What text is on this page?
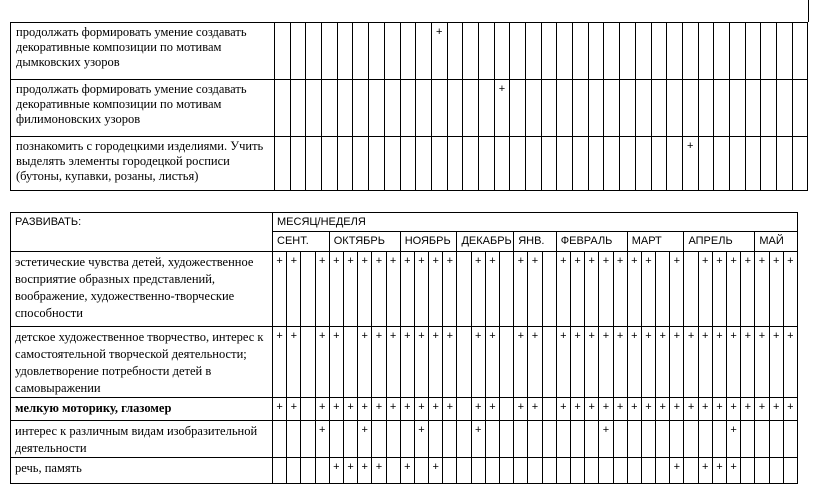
продолжать формировать умение создавать декоративные композиции по мотивам дымковских узоров											+																							
продолжать формировать умение создавать декоративные композиции по мотивам филимоновских узоров															+																			
познакомить с городецкими изделиями. Учить выделять элементы городецкой росписи (бутоны, купавки, розаны, листья)																											+							
РАЗВИВАТЬ:	МЕСЯЦ/НЕДЕЛЯ																																				
	СЕНТ.				ОКТЯБРЬ					НОЯБРЬ				ДЕКАБРЬ				ЯНВ.			ФЕВРАЛЬ					МАРТ				АПРЕЛЬ					МАЙ		
эстетические чувства детей, художественное восприятие образных представлений, воображение, художественно-творческие способности	+	+		+	+	+	+	+	+	+	+	+	+		+	+		+	+		+	+	+	+	+	+	+		+		+	+	+	+	+	+	+
детское художественное творчество, интерес к самостоятельной творческой деятельности; удовлетворение потребности детей в самовыражении	+	+		+	+		+	+	+	+	+	+	+		+	+		+	+		+	+	+	+	+	+	+	+	+	+	+	+	+	+	+	+	+
мелкую моторику, глазомер	+	+		+	+	+	+	+	+	+	+	+	+		+	+		+	+		+	+	+	+	+	+	+	+	+	+	+	+	+	+	+	+	+
интерес к различным видам изобразительной деятельности				+			+				+				+									+									+				
речь, память					+	+	+	+		+		+																	+		+	+	+				
